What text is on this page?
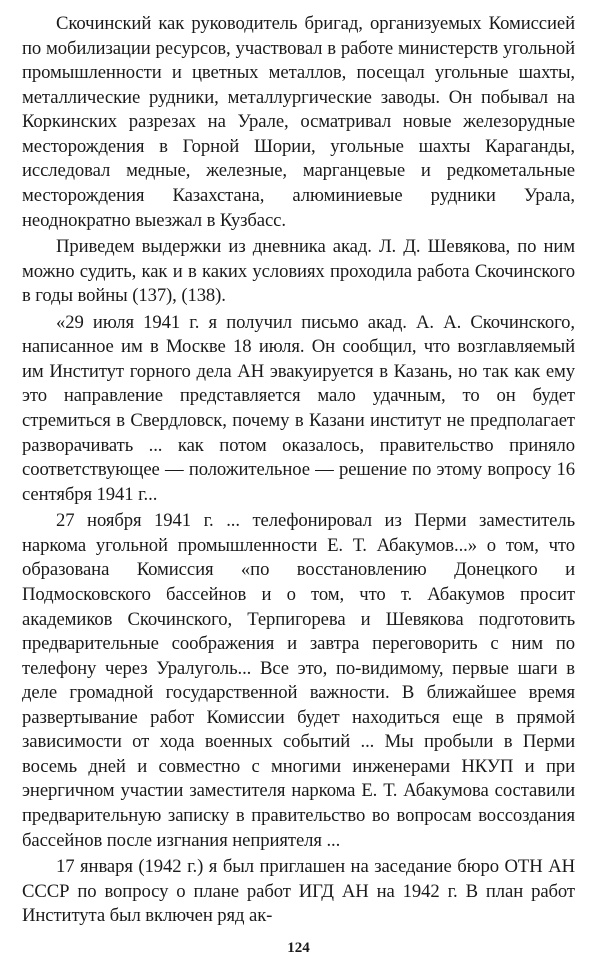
Скочинский как руководитель бригад, организуемых Комиссией по мобилизации ресурсов, участвовал в работе министерств угольной промышленности и цветных металлов, посещал угольные шахты, металлические рудники, металлургические заводы. Он побывал на Коркинских разрезах на Урале, осматривал новые железорудные месторождения в Горной Шории, угольные шахты Караганды, исследовал медные, железные, марганцевые и редкометальные месторождения Казахстана, алюминиевые рудники Урала, неоднократно выезжал в Кузбасс.

Приведем выдержки из дневника акад. Л. Д. Шевякова, по ним можно судить, как и в каких условиях проходила работа Скочинского в годы войны (137), (138).

«29 июля 1941 г. я получил письмо акад. А. А. Скочинского, написанное им в Москве 18 июля. Он сообщил, что возглавляемый им Институт горного дела АН эвакуируется в Казань, но так как ему это направление представляется мало удачным, то он будет стремиться в Свердловск, почему в Казани институт не предполагает разворачивать ... как потом оказалось, правительство приняло соответствующее — положительное — решение по этому вопросу 16 сентября 1941 г...

27 ноября 1941 г. ... телефонировал из Перми заместитель наркома угольной промышленности Е. Т. Абакумов...» о том, что образована Комиссия «по восстановлению Донецкого и Подмосковского бассейнов и о том, что т. Абакумов просит академиков Скочинского, Терпигорева и Шевякова подготовить предварительные соображения и завтра переговорить с ним по телефону через Уралуголь... Все это, по-видимому, первые шаги в деле громадной государственной важности. В ближайшее время развертывание работ Комиссии будет находиться еще в прямой зависимости от хода военных событий ... Мы пробыли в Перми восемь дней и совместно с многими инженерами НКУП и при энергичном участии заместителя наркома Е. Т. Абакумова составили предварительную записку в правительство во вопросам воссоздания бассейнов после изгнания неприятеля ...

17 января (1942 г.) я был приглашен на заседание бюро ОТН АН СССР по вопросу о плане работ ИГД АН на 1942 г. В план работ Института был включен ряд ак-

124
